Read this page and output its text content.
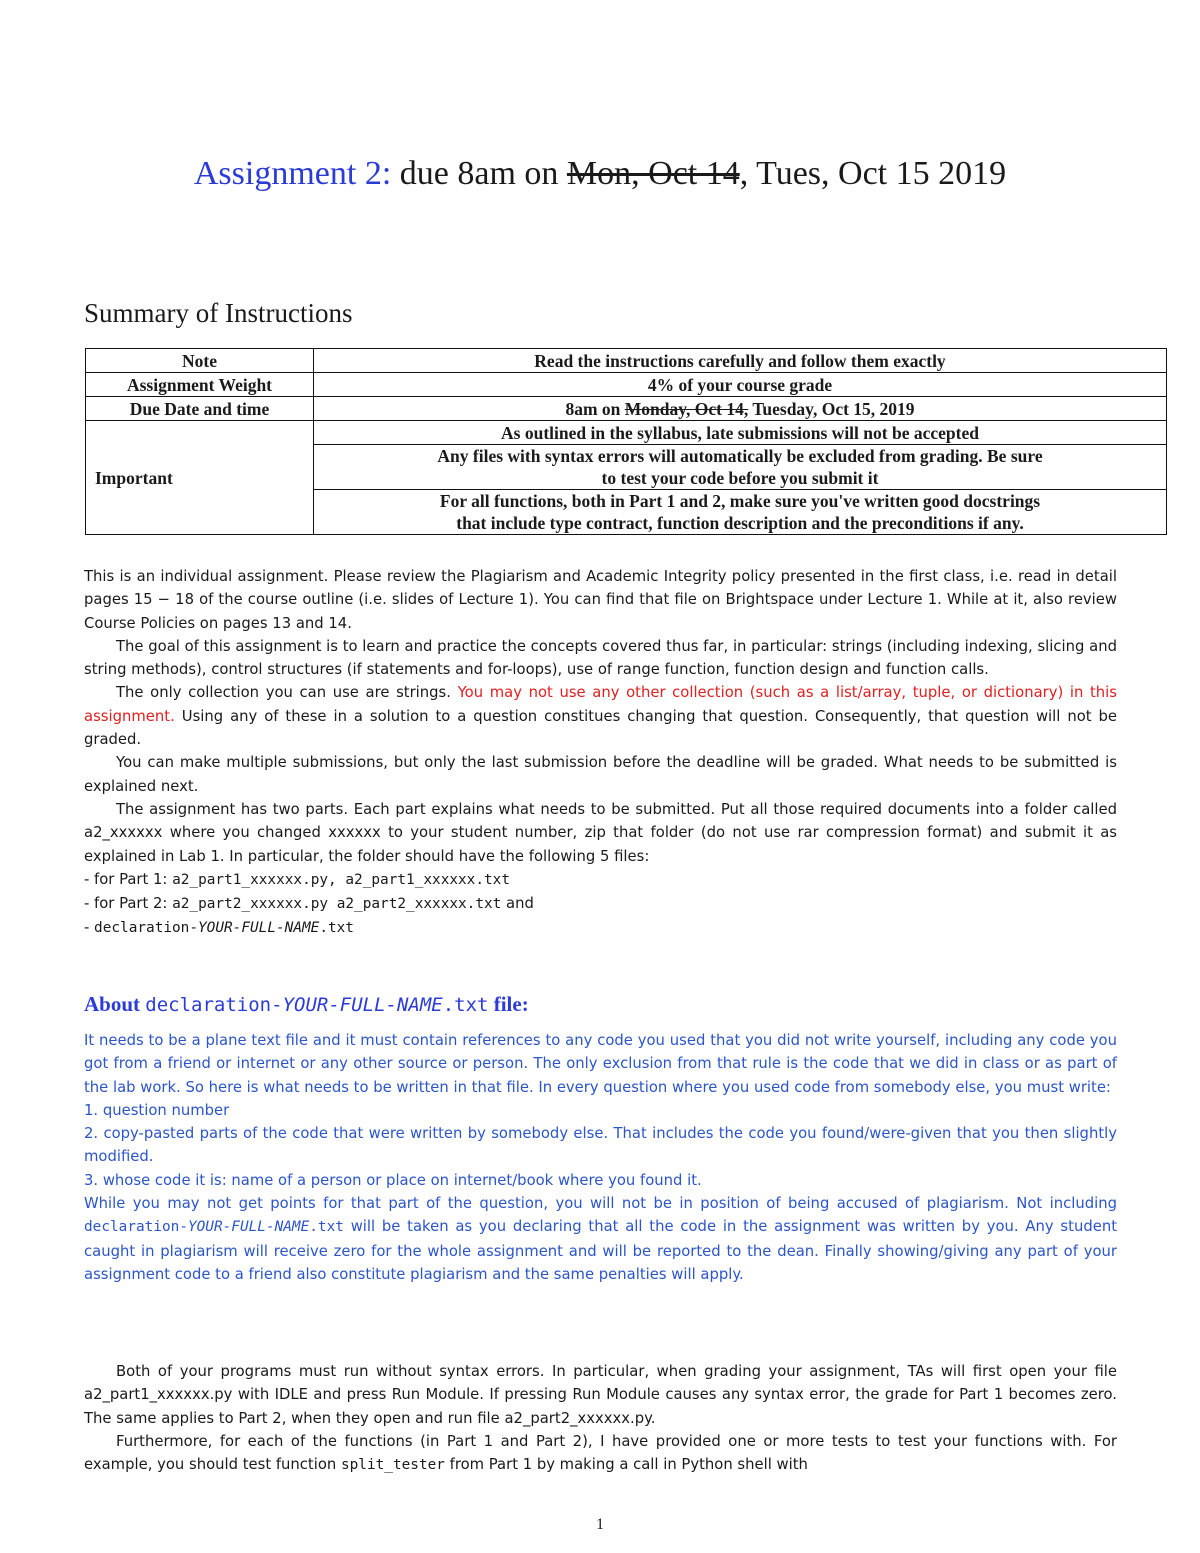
Assignment 2: due 8am on Mon, Oct 14, Tues, Oct 15 2019
Summary of Instructions
Note	Read the instructions carefully and follow them exactly
Assignment Weight	4% of your course grade
Due Date and time	8am on Monday, Oct 14, Tuesday, Oct 15, 2019
Important	As outlined in the syllabus, late submissions will not be accepted

	Any files with syntax errors will automatically be excluded from grading. Be sure
to test your code before you submit it

	For all functions, both in Part 1 and 2, make sure you've written good docstrings
that include type contract, function description and the preconditions if any.

This is an individual assignment. Please review the Plagiarism and Academic Integrity policy presented in the first class, i.e. read in detail pages 15 − 18 of the course outline (i.e. slides of Lecture 1). You can find that file on Brightspace under Lecture 1. While at it, also review Course Policies on pages 13 and 14.

The goal of this assignment is to learn and practice the concepts covered thus far, in particular: strings (including indexing, slicing and string methods), control structures (if statements and for-loops), use of range function, function design and function calls.

The only collection you can use are strings. You may not use any other collection (such as a list/array, tuple, or dictionary) in this assignment. Using any of these in a solution to a question constitues changing that question. Consequently, that question will not be graded.

You can make multiple submissions, but only the last submission before the deadline will be graded. What needs to be submitted is explained next.

The assignment has two parts. Each part explains what needs to be submitted. Put all those required documents into a folder called a2_xxxxxx where you changed xxxxxx to your student number, zip that folder (do not use rar compression format) and submit it as explained in Lab 1. In particular, the folder should have the following 5 files:

- for Part 1: a2_part1_xxxxxx.py, a2_part1_xxxxxx.txt

- for Part 2: a2_part2_xxxxxx.py a2_part2_xxxxxx.txt and

- declaration-YOUR-FULL-NAME.txt

About declaration-YOUR-FULL-NAME.txt file:

It needs to be a plane text file and it must contain references to any code you used that you did not write yourself, including any code you got from a friend or internet or any other source or person. The only exclusion from that rule is the code that we did in class or as part of the lab work. So here is what needs to be written in that file. In every question where you used code from somebody else, you must write:

1. question number

2. copy-pasted parts of the code that were written by somebody else. That includes the code you found/were-given that you then slightly modified.

3. whose code it is: name of a person or place on internet/book where you found it.

While you may not get points for that part of the question, you will not be in position of being accused of plagiarism. Not including declaration-YOUR-FULL-NAME.txt will be taken as you declaring that all the code in the assignment was written by you. Any student caught in plagiarism will receive zero for the whole assignment and will be reported to the dean. Finally showing/giving any part of your assignment code to a friend also constitute plagiarism and the same penalties will apply.

Both of your programs must run without syntax errors. In particular, when grading your assignment, TAs will first open your file a2_part1_xxxxxx.py with IDLE and press Run Module. If pressing Run Module causes any syntax error, the grade for Part 1 becomes zero. The same applies to Part 2, when they open and run file a2_part2_xxxxxx.py.

Furthermore, for each of the functions (in Part 1 and Part 2), I have provided one or more tests to test your functions with. For example, you should test function split_tester from Part 1 by making a call in Python shell with

1
